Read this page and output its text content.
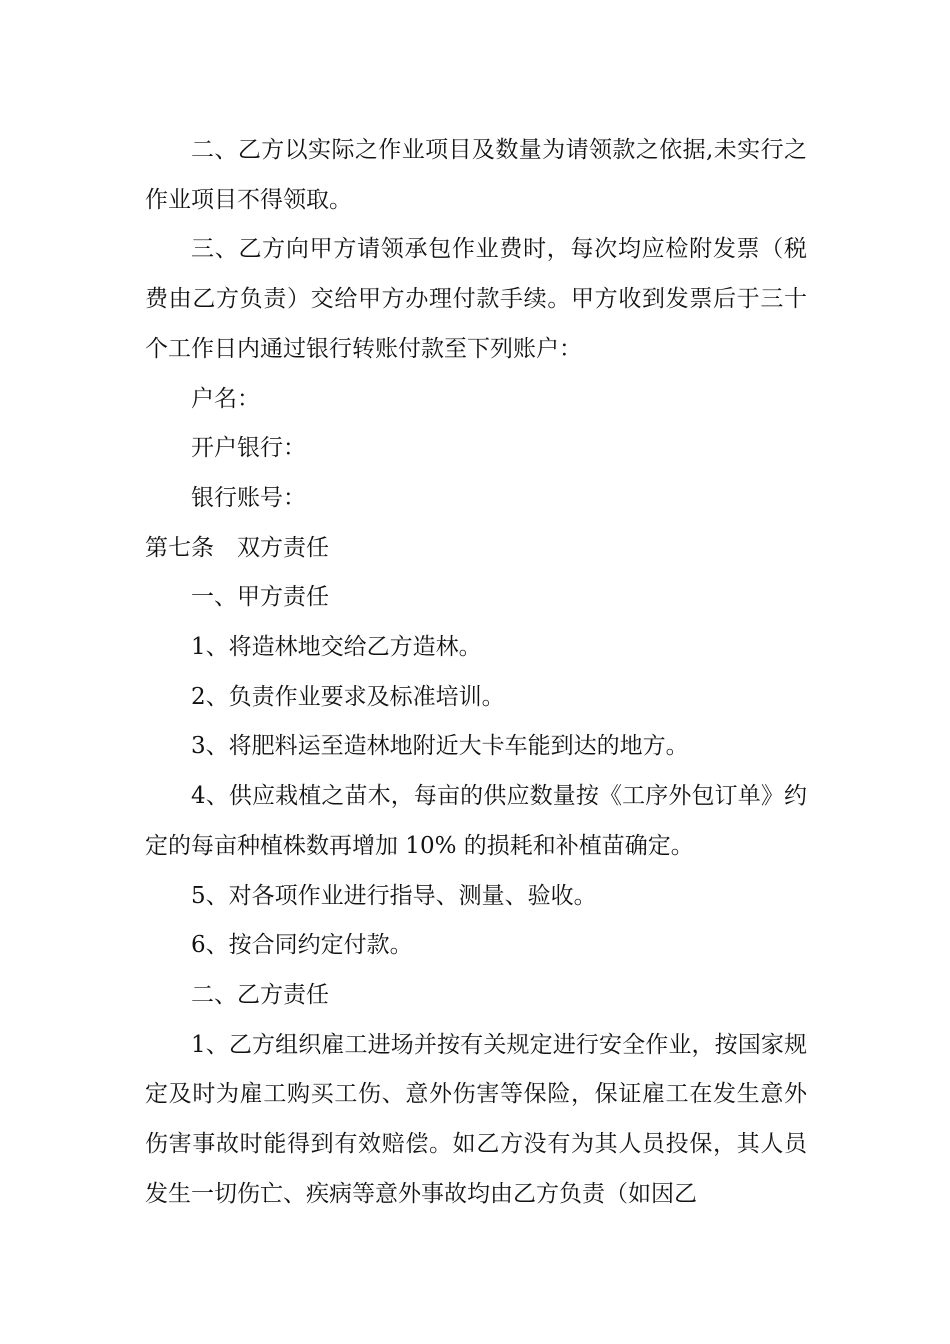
二、乙方以实际之作业项目及数量为请领款之依据,未实行之作业项目不得领取。

三、乙方向甲方请领承包作业费时，每次均应检附发票（税费由乙方负责）交给甲方办理付款手续。甲方收到发票后于三十个工作日内通过银行转账付款至下列账户：

户名：

开户银行：

银行账号：

第七条　双方责任

一、甲方责任

1、将造林地交给乙方造林。

2、负责作业要求及标准培训。

3、将肥料运至造林地附近大卡车能到达的地方。

4、供应栽植之苗木，每亩的供应数量按《工序外包订单》约定的每亩种植株数再增加 10% 的损耗和补植苗确定。

5、对各项作业进行指导、测量、验收。

6、按合同约定付款。

二、乙方责任

1、乙方组织雇工进场并按有关规定进行安全作业，按国家规定及时为雇工购买工伤、意外伤害等保险，保证雇工在发生意外伤害事故时能得到有效赔偿。如乙方没有为其人员投保，其人员发生一切伤亡、疾病等意外事故均由乙方负责（如因乙
